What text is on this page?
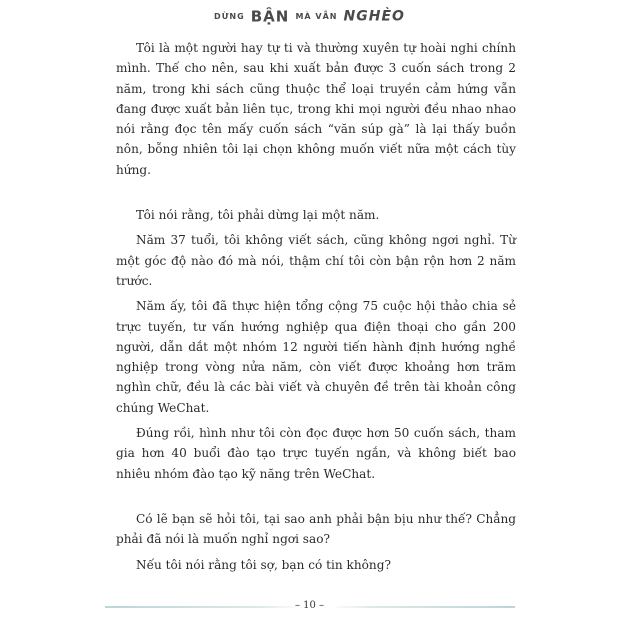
DỪNG BẬN MÀ VẪN NGHÈO

Tôi là một người hay tự ti và thường xuyên tự hoài nghi chính mình. Thế cho nên, sau khi xuất bản được 3 cuốn sách trong 2 năm, trong khi sách cũng thuộc thể loại truyền cảm hứng vẫn đang được xuất bản liên tục, trong khi mọi người đều nhao nhao nói rằng đọc tên mấy cuốn sách “văn súp gà” là lại thấy buồn nôn, bỗng nhiên tôi lại chọn không muốn viết nữa một cách tùy hứng.

Tôi nói rằng, tôi phải dừng lại một năm.

Năm 37 tuổi, tôi không viết sách, cũng không ngơi nghỉ. Từ một góc độ nào đó mà nói, thậm chí tôi còn bận rộn hơn 2 năm trước.

Năm ấy, tôi đã thực hiện tổng cộng 75 cuộc hội thảo chia sẻ trực tuyến, tư vấn hướng nghiệp qua điện thoại cho gần 200 người, dẫn dắt một nhóm 12 người tiến hành định hướng nghề nghiệp trong vòng nửa năm, còn viết được khoảng hơn trăm nghìn chữ, đều là các bài viết và chuyên đề trên tài khoản công chúng WeChat.

Đúng rồi, hình như tôi còn đọc được hơn 50 cuốn sách, tham gia hơn 40 buổi đào tạo trực tuyến ngắn, và không biết bao nhiêu nhóm đào tạo kỹ năng trên WeChat.

Có lẽ bạn sẽ hỏi tôi, tại sao anh phải bận bịu như thế? Chẳng phải đã nói là muốn nghỉ ngơi sao?

Nếu tôi nói rằng tôi sợ, bạn có tin không?

– 10 –
